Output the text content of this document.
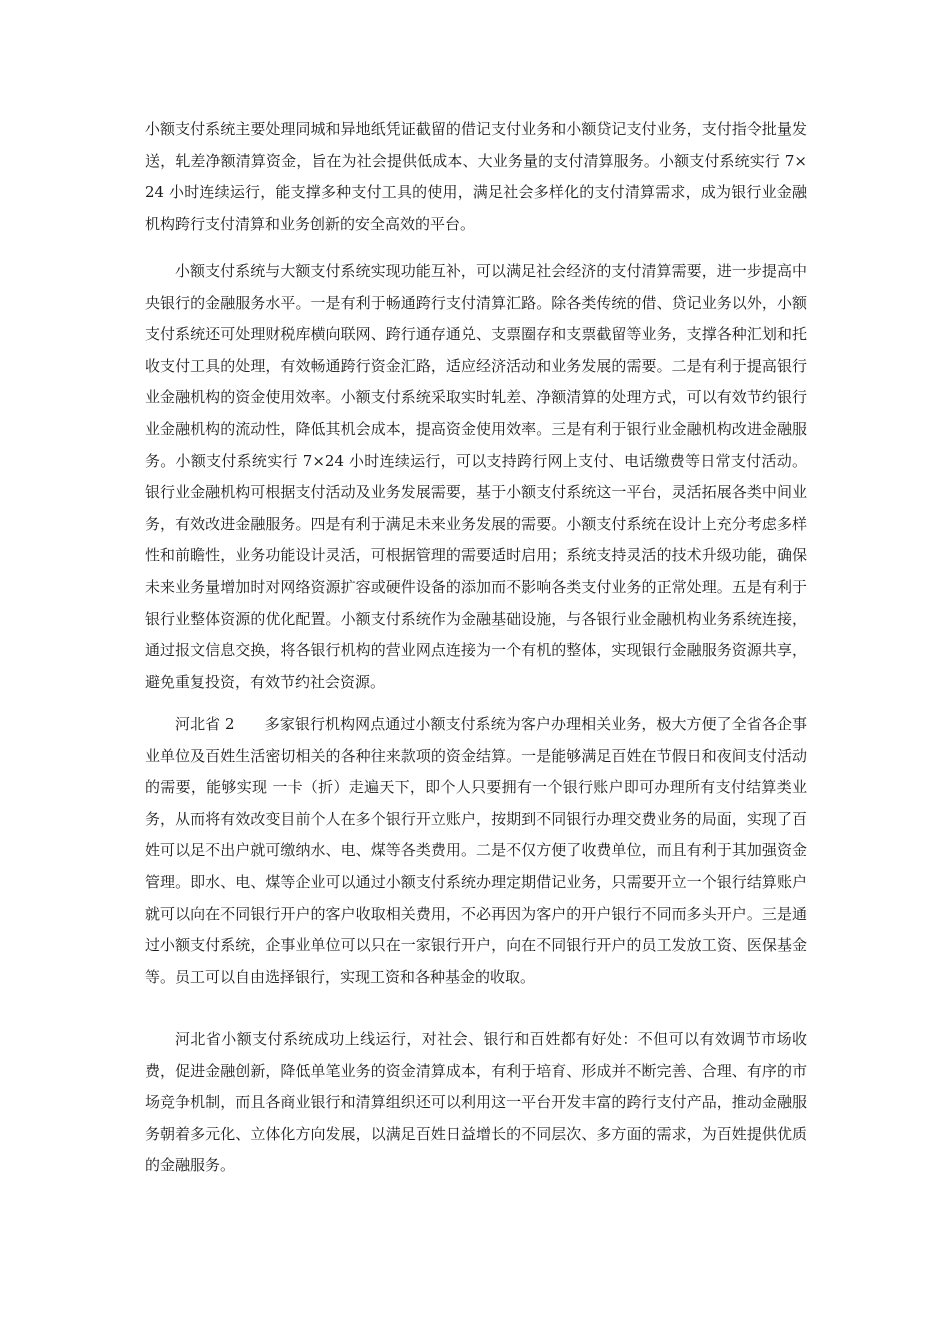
小额支付系统主要处理同城和异地纸凭证截留的借记支付业务和小额贷记支付业务，支付指令批量发送，轧差净额清算资金，旨在为社会提供低成本、大业务量的支付清算服务。小额支付系统实行 7×24 小时连续运行，能支撑多种支付工具的使用，满足社会多样化的支付清算需求，成为银行业金融机构跨行支付清算和业务创新的安全高效的平台。

小额支付系统与大额支付系统实现功能互补，可以满足社会经济的支付清算需要，进一步提高中央银行的金融服务水平。一是有利于畅通跨行支付清算汇路。除各类传统的借、贷记业务以外，小额支付系统还可处理财税库横向联网、跨行通存通兑、支票圈存和支票截留等业务，支撑各种汇划和托收支付工具的处理，有效畅通跨行资金汇路，适应经济活动和业务发展的需要。二是有利于提高银行业金融机构的资金使用效率。小额支付系统采取实时轧差、净额清算的处理方式，可以有效节约银行业金融机构的流动性，降低其机会成本，提高资金使用效率。三是有利于银行业金融机构改进金融服务。小额支付系统实行 7×24 小时连续运行，可以支持跨行网上支付、电话缴费等日常支付活动。银行业金融机构可根据支付活动及业务发展需要，基于小额支付系统这一平台，灵活拓展各类中间业务，有效改进金融服务。四是有利于满足未来业务发展的需要。小额支付系统在设计上充分考虑多样性和前瞻性，业务功能设计灵活，可根据管理的需要适时启用；系统支持灵活的技术升级功能，确保未来业务量增加时对网络资源扩容或硬件设备的添加而不影响各类支付业务的正常处理。五是有利于银行业整体资源的优化配置。小额支付系统作为金融基础设施，与各银行业金融机构业务系统连接，通过报文信息交换，将各银行机构的营业网点连接为一个有机的整体，实现银行金融服务资源共享，避免重复投资，有效节约社会资源。

河北省 2　　多家银行机构网点通过小额支付系统为客户办理相关业务，极大方便了全省各企事业单位及百姓生活密切相关的各种往来款项的资金结算。一是能够满足百姓在节假日和夜间支付活动的需要，能够实现 一卡（折）走遍天下，即个人只要拥有一个银行账户即可办理所有支付结算类业务，从而将有效改变目前个人在多个银行开立账户，按期到不同银行办理交费业务的局面，实现了百姓可以足不出户就可缴纳水、电、煤等各类费用。二是不仅方便了收费单位，而且有利于其加强资金管理。即水、电、煤等企业可以通过小额支付系统办理定期借记业务，只需要开立一个银行结算账户就可以向在不同银行开户的客户收取相关费用，不必再因为客户的开户银行不同而多头开户。三是通过小额支付系统，企事业单位可以只在一家银行开户，向在不同银行开户的员工发放工资、医保基金等。员工可以自由选择银行，实现工资和各种基金的收取。

河北省小额支付系统成功上线运行，对社会、银行和百姓都有好处：不但可以有效调节市场收费，促进金融创新，降低单笔业务的资金清算成本，有利于培育、形成并不断完善、合理、有序的市场竞争机制，而且各商业银行和清算组织还可以利用这一平台开发丰富的跨行支付产品，推动金融服务朝着多元化、立体化方向发展，以满足百姓日益增长的不同层次、多方面的需求，为百姓提供优质的金融服务。
